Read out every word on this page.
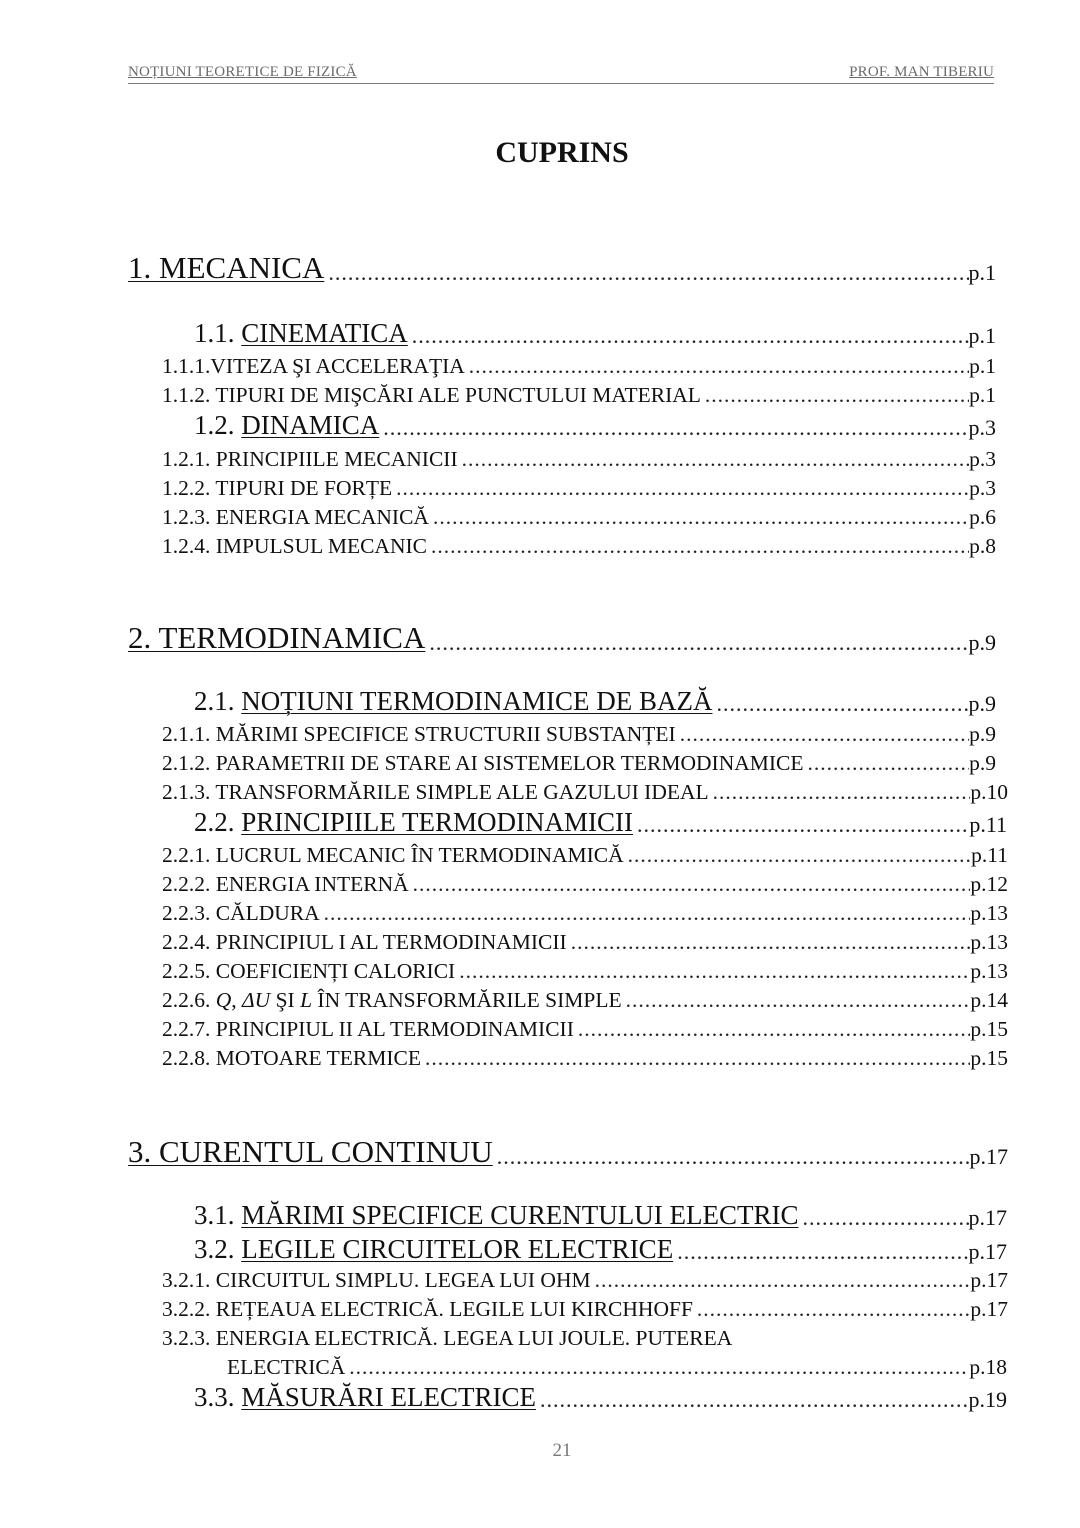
NOȚIUNI TEORETICE DE FIZICĂ	PROF. MAN TIBERIU
CUPRINS
1. MECANICA .....	p.1
1.1. CINEMATICA .....	p.1
1.1.1.VITEZA ŞI ACCELERAŢIA .....	p.1
1.1.2. TIPURI DE MIŞCĂRI ALE PUNCTULUI MATERIAL .....	p.1
1.2. DINAMICA .....	p.3
1.2.1. PRINCIPIILE MECANICII .....	p.3
1.2.2. TIPURI DE FORȚE .....	p.3
1.2.3. ENERGIA MECANICĂ .....	p.6
1.2.4. IMPULSUL MECANIC .....	p.8
2. TERMODINAMICA .....	p.9
2.1. NOȚIUNI TERMODINAMICE DE BAZĂ .....	p.9
2.1.1. MĂRIMI SPECIFICE STRUCTURII SUBSTANȚEI .....	p.9
2.1.2. PARAMETRII DE STARE AI SISTEMELOR TERMODINAMICE .....	p.9
2.1.3. TRANSFORMĂRILE SIMPLE ALE GAZULUI IDEAL .....	p.10
2.2. PRINCIPIILE TERMODINAMICII .....	p.11
2.2.1. LUCRUL MECANIC ÎN TERMODINAMICĂ .....	p.11
2.2.2. ENERGIA INTERNĂ .....	p.12
2.2.3. CĂLDURA .....	p.13
2.2.4. PRINCIPIUL I AL TERMODINAMICII .....	p.13
2.2.5. COEFICIENȚI CALORICI .....	p.13
2.2.6. Q, ΔU ŞI L ÎN TRANSFORMĂRILE SIMPLE .....	p.14
2.2.7. PRINCIPIUL II AL TERMODINAMICII .....	p.15
2.2.8. MOTOARE TERMICE .....	p.15
3. CURENTUL CONTINUU .....	p.17
3.1. MĂRIMI SPECIFICE CURENTULUI ELECTRIC .....	p.17
3.2. LEGILE CIRCUITELOR ELECTRICE .....	p.17
3.2.1. CIRCUITUL SIMPLU. LEGEA LUI OHM .....	p.17
3.2.2. REȚEAUA ELECTRICĂ. LEGILE LUI KIRCHHOFF .....	p.17
3.2.3. ENERGIA ELECTRICĂ. LEGEA LUI JOULE. PUTEREA
ELECTRICĂ .....	p.18
3.3. MĂSURĂRI ELECTRICE .....	p.19
21
